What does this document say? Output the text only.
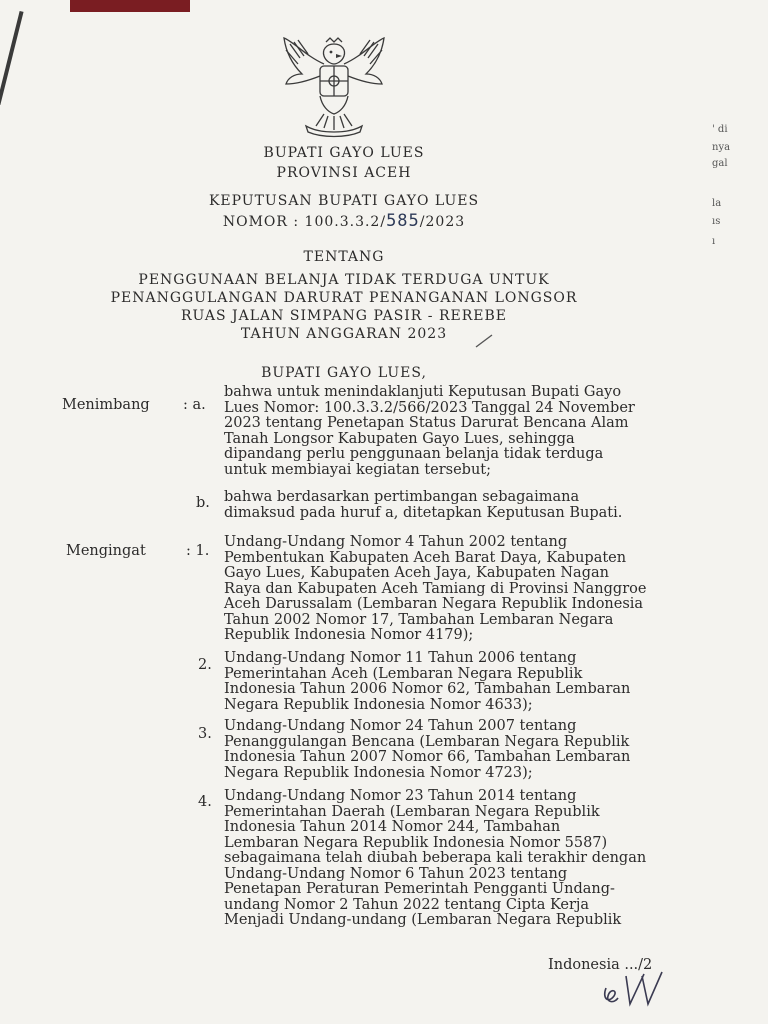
BUPATI GAYO LUES
PROVINSI ACEH
KEPUTUSAN BUPATI GAYO LUES
NOMOR : 100.3.3.2/585/2023
TENTANG
PENGGUNAAN BELANJA TIDAK TERDUGA UNTUK
PENANGGULANGAN DARURAT PENANGANAN LONGSOR
RUAS JALAN SIMPANG PASIR - REREBE
TAHUN ANGGARAN 2023
BUPATI GAYO LUES,
Menimbang : a.
bahwa untuk menindaklanjuti Keputusan Bupati Gayo
Lues Nomor: 100.3.3.2/566/2023 Tanggal 24 November
2023 tentang Penetapan Status Darurat Bencana Alam
Tanah Longsor Kabupaten Gayo Lues, sehingga
dipandang perlu penggunaan belanja tidak terduga
untuk membiayai kegiatan tersebut;
b. bahwa berdasarkan pertimbangan sebagaimana
dimaksud pada huruf a, ditetapkan Keputusan Bupati.
Mengingat	: 1.
Undang-Undang Nomor 4 Tahun 2002 tentang
Pembentukan Kabupaten Aceh Barat Daya, Kabupaten
Gayo Lues, Kabupaten Aceh Jaya, Kabupaten Nagan
Raya dan Kabupaten Aceh Tamiang di Provinsi Nanggroe
Aceh Darussalam (Lembaran Negara Republik Indonesia
Tahun 2002 Nomor 17, Tambahan Lembaran Negara
Republik Indonesia Nomor 4179);
2. Undang-Undang Nomor 11 Tahun 2006 tentang
Pemerintahan Aceh (Lembaran Negara Republik
Indonesia Tahun 2006 Nomor 62, Tambahan Lembaran
Negara Republik Indonesia Nomor 4633);
3. Undang-Undang Nomor 24 Tahun 2007 tentang
Penanggulangan Bencana (Lembaran Negara Republik
Indonesia Tahun 2007 Nomor 66, Tambahan Lembaran
Negara Republik Indonesia Nomor 4723);
4. Undang-Undang Nomor 23 Tahun 2014 tentang
Pemerintahan Daerah (Lembaran Negara Republik
Indonesia Tahun 2014 Nomor 244, Tambahan
Lembaran Negara Republik Indonesia Nomor 5587)
sebagaimana telah diubah beberapa kali terakhir dengan
Undang-Undang Nomor 6 Tahun 2023 tentang
Penetapan Peraturan Pemerintah Pengganti Undang-
undang Nomor 2 Tahun 2022 tentang Cipta Kerja
Menjadi Undang-undang (Lembaran Negara Republik
' di
nya
gal
la
ıs
ı
Indonesia .../2
